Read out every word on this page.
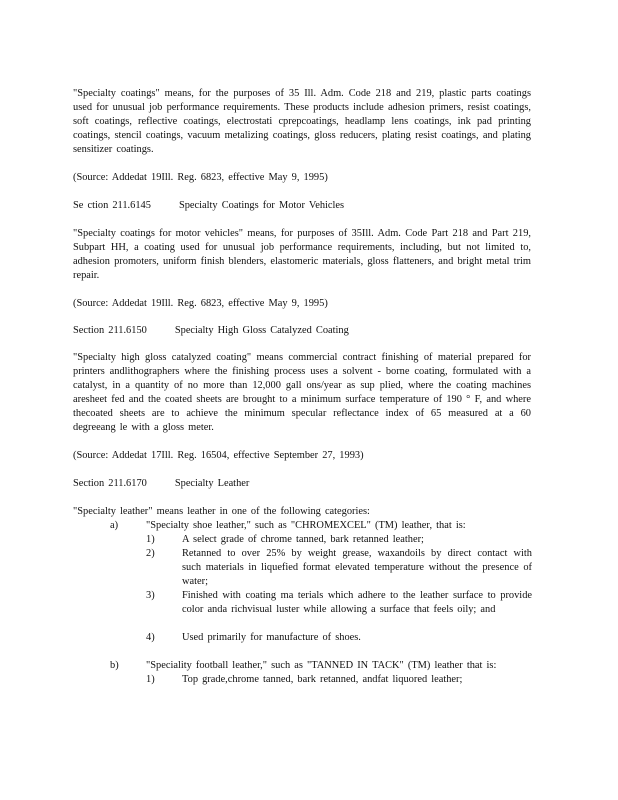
"Specialty coatings" means, for the purposes of 35 Ill. Adm. Code 218 and 219, plastic parts coatings used for unusual job performance requirements. These products include adhesion primers, resist coatings, soft coatings, reflective coatings, electrostati cprepcoatings, headlamp lens coatings, ink pad printing coatings, stencil coatings, vacuum metalizing coatings, gloss reducers, plating resist coatings, and plating sensitizer coatings.

(Source: Addedat 19Ill. Reg. 6823, effective May 9, 1995)

Se ction 211.6145	Specialty Coatings for Motor Vehicles

"Specialty coatings for motor vehicles" means, for purposes of 35Ill. Adm. Code Part 218 and Part 219, Subpart HH, a coating used for unusual job performance requirements, including, but not limited to, adhesion promoters, uniform finish blenders, elastomeric materials, gloss flatteners, and bright metal trim repair.

(Source: Addedat 19Ill. Reg. 6823, effective May 9, 1995)

Section 211.6150	Specialty High Gloss Catalyzed Coating

"Specialty high gloss catalyzed coating" means commercial contract finishing of material prepared for printers andlithographers where the finishing process uses a solvent - borne coating, formulated with a catalyst, in a quantity of no more than 12,000 gall ons/year as sup plied, where the coating machines aresheet fed and the coated sheets are brought to a minimum surface temperature of 190 ° F, and where thecoated sheets are to achieve the minimum specular reflectance index of 65 measured at a 60 degreeang le with a gloss meter.

(Source: Addedat 17Ill. Reg. 16504, effective September 27, 1993)

Section 211.6170	Specialty Leather

"Specialty leather" means leather in one of the following categories:

a)	"Specialty shoe leather," such as "CHROMEXCEL" (TM) leather, that is:

1)	A select grade of chrome tanned, bark retanned leather;

2)	Retanned to over 25% by weight grease, waxandoils by direct contact with such materials in liquefied format elevated temperature without the presence of water;

3)	Finished with coating ma terials which adhere to the leather surface to provide color anda richvisual luster while allowing a surface that feels oily; and

4)	Used primarily for manufacture of shoes.

b)	"Speciality football leather," such as "TANNED IN TACK" (TM) leather that is:

1)	Top grade,chrome tanned, bark retanned, andfat liquored leather;
